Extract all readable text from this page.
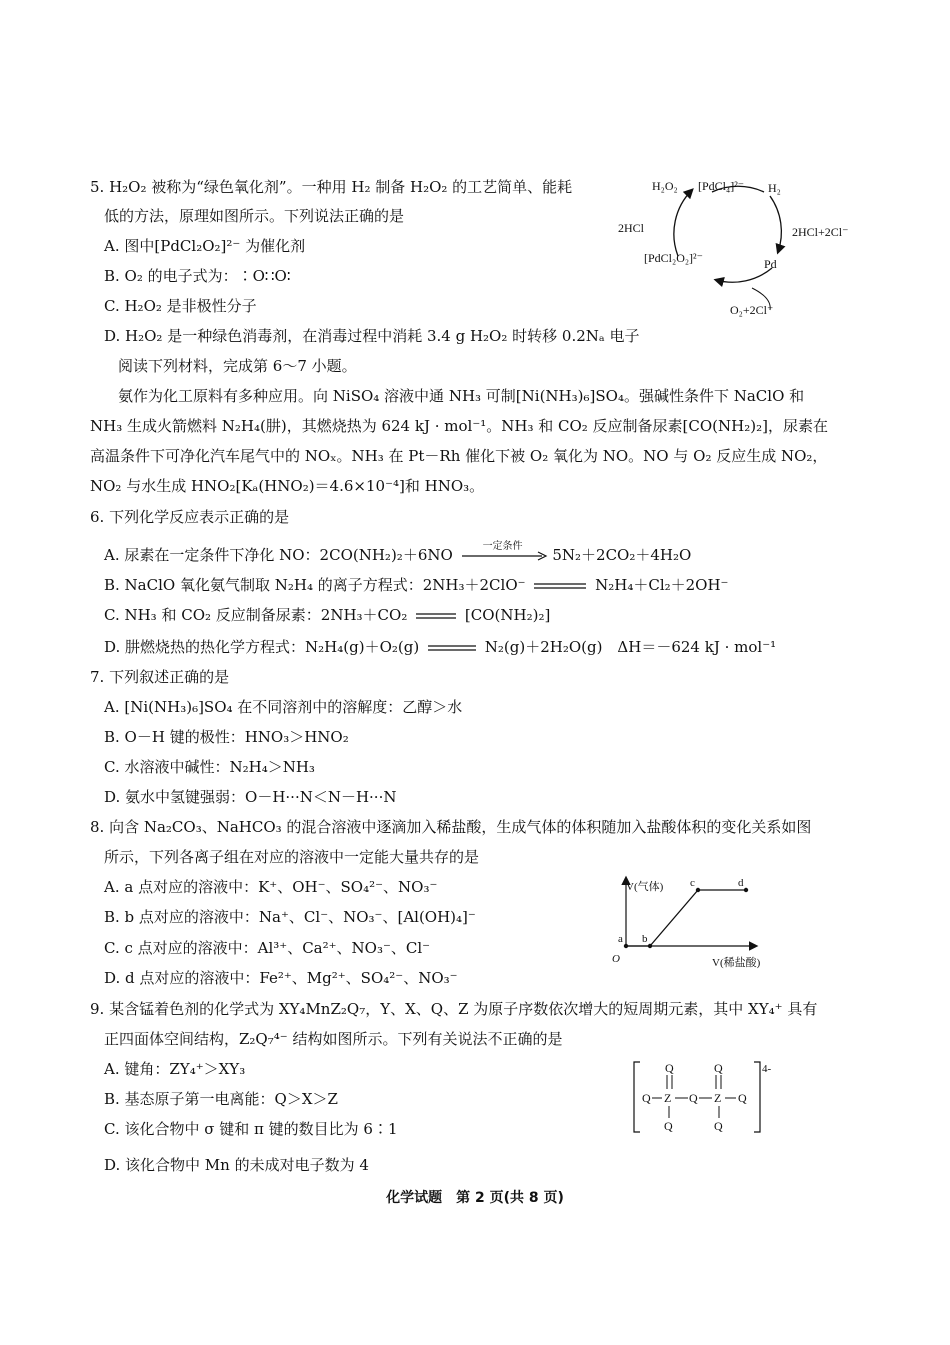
5. H₂O₂ 被称为“绿色氧化剂”。一种用 H₂ 制备 H₂O₂ 的工艺简单、能耗
低的方法，原理如图所示。下列说法正确的是
A. 图中[PdCl₂O₂]²⁻ 为催化剂
B. O₂ 的电子式为：∶O∷O∶
C. H₂O₂ 是非极性分子
D. H₂O₂ 是一种绿色消毒剂，在消毒过程中消耗 3.4 g H₂O₂ 时转移 0.2Nₐ 电子
H₂O₂ [PdCl₄]²⁻ H₂
2HCl	2HCl+2Cl⁻
[PdCl₂O₂]²⁻	Pd
O₂+2Cl⁻
阅读下列材料，完成第 6～7 小题。
氨作为化工原料有多种应用。向 NiSO₄ 溶液中通 NH₃ 可制[Ni(NH₃)₆]SO₄。强碱性条件下 NaClO 和
NH₃ 生成火箭燃料 N₂H₄(肼)，其燃烧热为 624 kJ · mol⁻¹。NH₃ 和 CO₂ 反应制备尿素[CO(NH₂)₂]，尿素在
高温条件下可净化汽车尾气中的 NOₓ。NH₃ 在 Pt－Rh 催化下被 O₂ 氧化为 NO。NO 与 O₂ 反应生成 NO₂，
NO₂ 与水生成 HNO₂[Kₐ(HNO₂)＝4.6×10⁻⁴]和 HNO₃。
6. 下列化学反应表示正确的是
A. 尿素在一定条件下净化 NO：2CO(NH₂)₂＋6NO	一定条件	5N₂＋2CO₂＋4H₂O
B. NaClO 氧化氨气制取 N₂H₄ 的离子方程式：2NH₃＋2ClO⁻	N₂H₄＋Cl₂＋2OH⁻
C. NH₃ 和 CO₂ 反应制备尿素：2NH₃＋CO₂	[CO(NH₂)₂]
D. 肼燃烧热的热化学方程式：N₂H₄(g)＋O₂(g)	N₂(g)＋2H₂O(g)　ΔH＝－624 kJ · mol⁻¹
7. 下列叙述正确的是
A. [Ni(NH₃)₆]SO₄ 在不同溶剂中的溶解度：乙醇＞水
B. O－H 键的极性：HNO₃＞HNO₂
C. 水溶液中碱性：N₂H₄＞NH₃
D. 氨水中氢键强弱：O－H···N＜N－H···N
8. 向含 Na₂CO₃、NaHCO₃ 的混合溶液中逐滴加入稀盐酸，生成气体的体积随加入盐酸体积的变化关系如图
所示，下列各离子组在对应的溶液中一定能大量共存的是
A. a 点对应的溶液中：K⁺、OH⁻、SO₄²⁻、NO₃⁻
B. b 点对应的溶液中：Na⁺、Cl⁻、NO₃⁻、[Al(OH)₄]⁻
C. c 点对应的溶液中：Al³⁺、Ca²⁺、NO₃⁻、Cl⁻
D. d 点对应的溶液中：Fe²⁺、Mg²⁺、SO₄²⁻、NO₃⁻
V(气体)
V(稀盐酸)
O
a b
c	d
9. 某含锰着色剂的化学式为 XY₄MnZ₂Q₇，Y、X、Q、Z 为原子序数依次增大的短周期元素，其中 XY₄⁺ 具有
正四面体空间结构，Z₂Q₇⁴⁻ 结构如图所示。下列有关说法不正确的是
A. 键角：ZY₄⁺＞XY₃
B. 基态原子第一电离能：Q＞X＞Z
C. 该化合物中 σ 键和 π 键的数目比为 6∶1
D. 该化合物中 Mn 的未成对电子数为 4
4-
Q	Q
Q Z Q Z Q
Q	Q
化学试题　第 2 页(共 8 页)
